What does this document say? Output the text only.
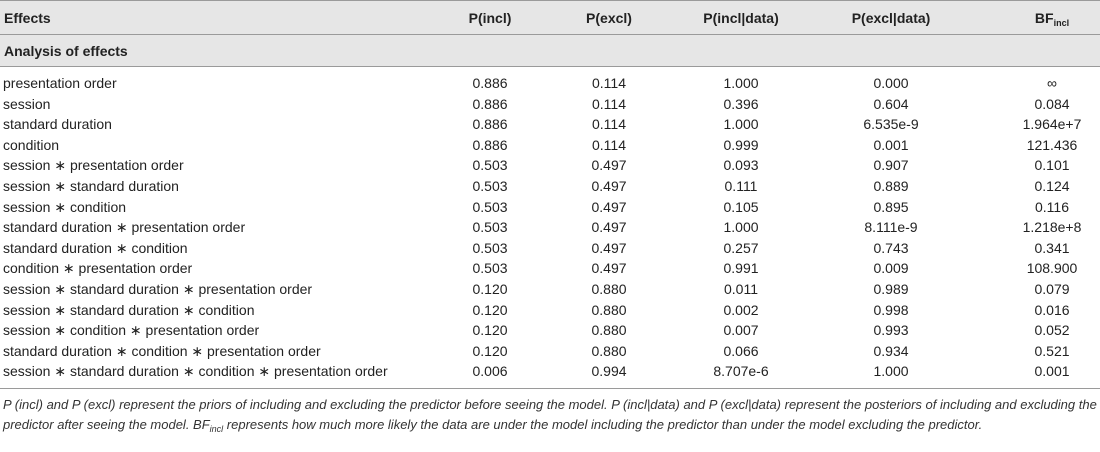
Effects	P(incl)	P(excl)	P(incl|data)	P(excl|data)	$BF_{incl}$
Analysis of effects
presentation order	0.886	0.114	1.000	0.000	∞
session	0.886	0.114	0.396	0.604	0.084
standard duration	0.886	0.114	1.000	6.535e-9	1.964e+7
condition	0.886	0.114	0.999	0.001	121.436
session ∗ presentation order	0.503	0.497	0.093	0.907	0.101
session ∗ standard duration	0.503	0.497	0.111	0.889	0.124
session ∗ condition	0.503	0.497	0.105	0.895	0.116
standard duration ∗ presentation order	0.503	0.497	1.000	8.111e-9	1.218e+8
standard duration ∗ condition	0.503	0.497	0.257	0.743	0.341
condition ∗ presentation order	0.503	0.497	0.991	0.009	108.900
session ∗ standard duration ∗ presentation order	0.120	0.880	0.011	0.989	0.079
session ∗ standard duration ∗ condition	0.120	0.880	0.002	0.998	0.016
session ∗ condition ∗ presentation order	0.120	0.880	0.007	0.993	0.052
standard duration ∗ condition ∗ presentation order	0.120	0.880	0.066	0.934	0.521
session ∗ standard duration ∗ condition ∗ presentation order	0.006	0.994	8.707e-6	1.000	0.001
P (incl) and P (excl) represent the priors of including and excluding the predictor before seeing the model. P (incl|data) and P (excl|data) represent the posteriors of including and excluding the predictor after seeing the model. $BF_{incl}$ represents how much more likely the data are under the model including the predictor than under the model excluding the predictor.
